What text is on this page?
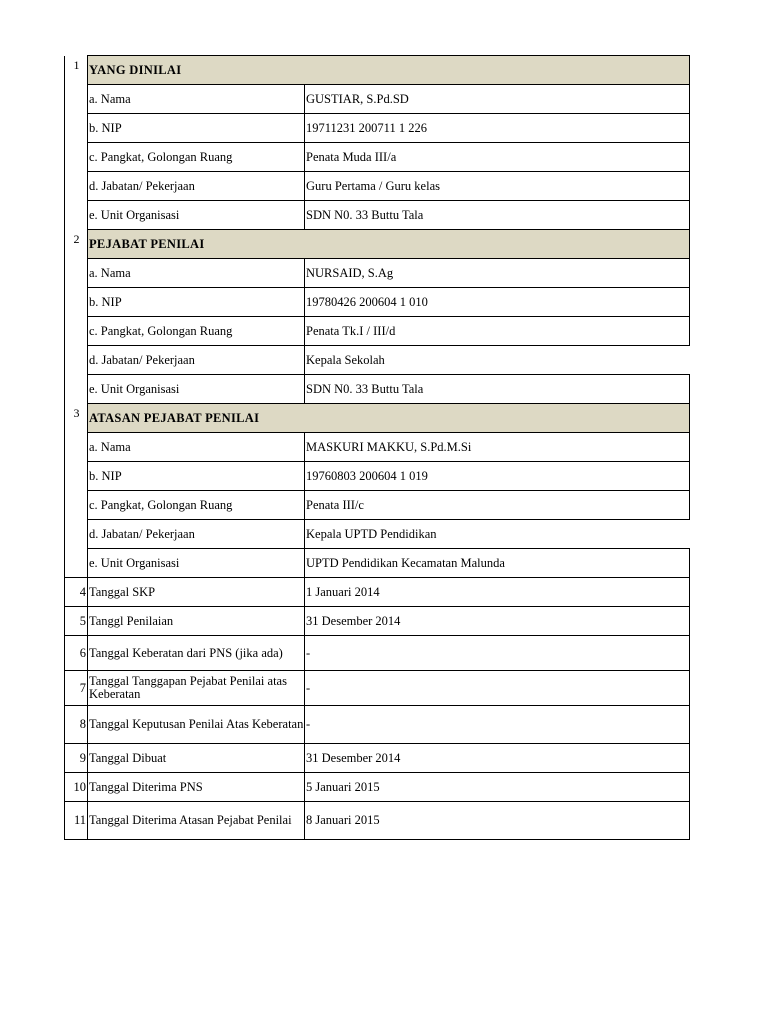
1	YANG DINILAI	
	a. Nama	GUSTIAR, S.Pd.SD
	b. NIP	19711231 200711 1 226
	c. Pangkat, Golongan Ruang	Penata Muda III/a
	d. Jabatan/ Pekerjaan	Guru Pertama / Guru kelas
	e. Unit Organisasi	SDN N0. 33 Buttu Tala
2	PEJABAT PENILAI	
	a. Nama	NURSAID, S.Ag
	b. NIP	19780426 200604 1 010
	c. Pangkat, Golongan Ruang	Penata Tk.I / III/d
	d. Jabatan/ Pekerjaan	Kepala Sekolah
	e. Unit Organisasi	SDN N0. 33 Buttu Tala
3	ATASAN PEJABAT PENILAI	
	a. Nama	MASKURI MAKKU, S.Pd.M.Si
	b. NIP	19760803 200604 1 019
	c. Pangkat, Golongan Ruang	Penata III/c
	d. Jabatan/ Pekerjaan	Kepala UPTD Pendidikan
	e. Unit Organisasi	UPTD Pendidikan Kecamatan Malunda
4	Tanggal SKP	1 Januari 2014
5	Tanggl Penilaian	31 Desember 2014
6	Tanggal Keberatan dari PNS (jika ada)	-
7	Tanggal Tanggapan Pejabat Penilai atas Keberatan	-
8	Tanggal Keputusan Penilai Atas Keberatan	-
9	Tanggal Dibuat	31 Desember 2014
10	Tanggal Diterima PNS	5 Januari 2015
11	Tanggal Diterima Atasan Pejabat Penilai	8 Januari 2015
